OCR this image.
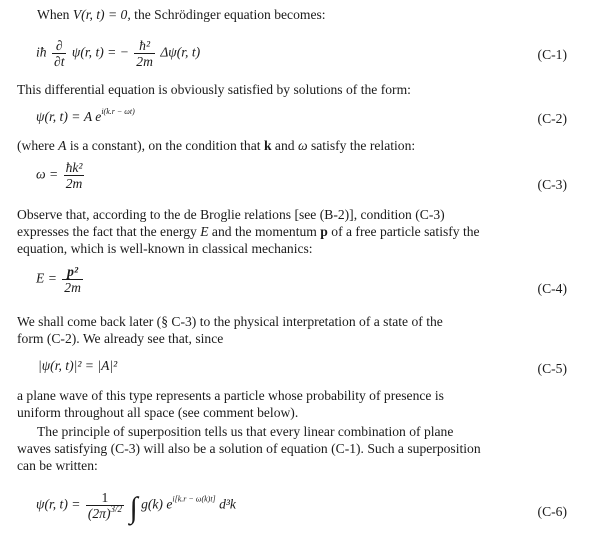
When V(r, t) = 0, the Schrödinger equation becomes:
iħ $\frac{\partial}{\partial t} \psi(r$, t) = − $\frac{\text{ħ²}}{2m} \Delta\psi(r$, t)	(C-1)
This differential equation is obviously satisfied by solutions of the form:
ψ(r, t) = A $e^{i(k.r - \omega t)}$	(C-2)
(where A is a constant), on the condition that k and ω satisfy the relation:
$\omega = \frac{\text{ħk²}}{2m}$	(C-3)
Observe that, according to the de Broglie relations [see (B-2)], condition (C-3)
expresses the fact that the energy E and the momentum p of a free particle satisfy the
equation, which is well-known in classical mechanics:
$E = \frac{\text{p²}}{2m}$	(C-4)
We shall come back later (§ C-3) to the physical interpretation of a state of the
form (C-2). We already see that, since
|ψ(r, t)|² = |A|²	(C-5)
a plane wave of this type represents a particle whose probability of presence is
uniform throughout all space (see comment below).
The principle of superposition tells us that every linear combination of plane
waves satisfying (C-3) will also be a solution of equation (C-1). Such a superposition
can be written:
ψ(r, $t) = \frac{1}{(2\pi)^{3/2}}$ ∫ g(k) $e^{i[k.r - \omega(k)t]}$ d³k	(C-6)
